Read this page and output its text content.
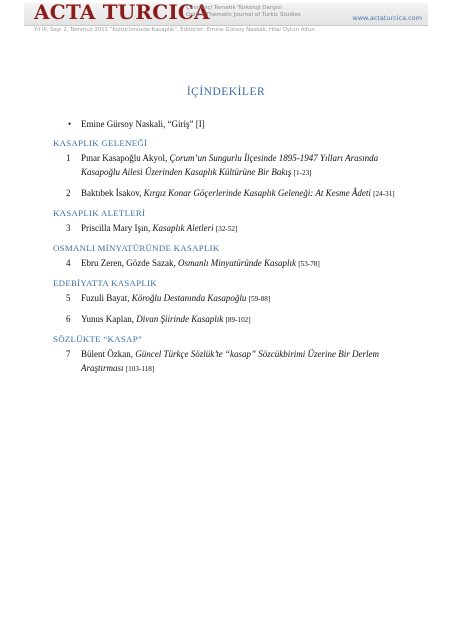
ACTA TURCICA
Çevrimiçi Tematik Türkoloji Dergisi
Online Thematic Journal of Turkic Studies	www.actaturcica.com
Yıl III, Sayı 2, Temmuz 2011 “Kültürümüzde Kasaplık”, Editörler: Emine Gürsoy Naskali, Hilal Oytun Altun
İÇİNDEKİLER
• Emine Gürsoy Naskali, “Giriş” [I]
KASAPLIK GELENEĞİ
1 Pınar Kasapoğlu Akyol, Çorum’un Sungurlu İlçesinde 1895-1947 Yılları Arasında
Kasapoğlu Ailesi Üzerinden Kasaplık Kültürüne Bir Bakış [1-23]
2 Baktıbek İsakov, Kırgız Konar Göçerlerinde Kasaplık Geleneği: At Kesme Âdeti [24-31]
KASAPLIK ALETLERİ
3 Priscilla Mary Işın, Kasaplık Aletleri [32-52]
OSMANLI MİNYATÜRÜNDE KASAPLIK
4 Ebru Zeren, Gözde Sazak, Osmanlı Minyatüründe Kasaplık [53-78]
EDEBİYATTA KASAPLIK
5 Fuzuli Bayat, Köroğlu Destanında Kasapoğlu [59-88]
6 Yunus Kaplan, Divan Şiirinde Kasaplık [89-102]
SÖZLÜKTE “KASAP”
7 Bülent Özkan, Güncel Türkçe Sözlük’te “kasap” Sözcükbirimi Üzerine Bir Derlem
Araştırması [103-118]
